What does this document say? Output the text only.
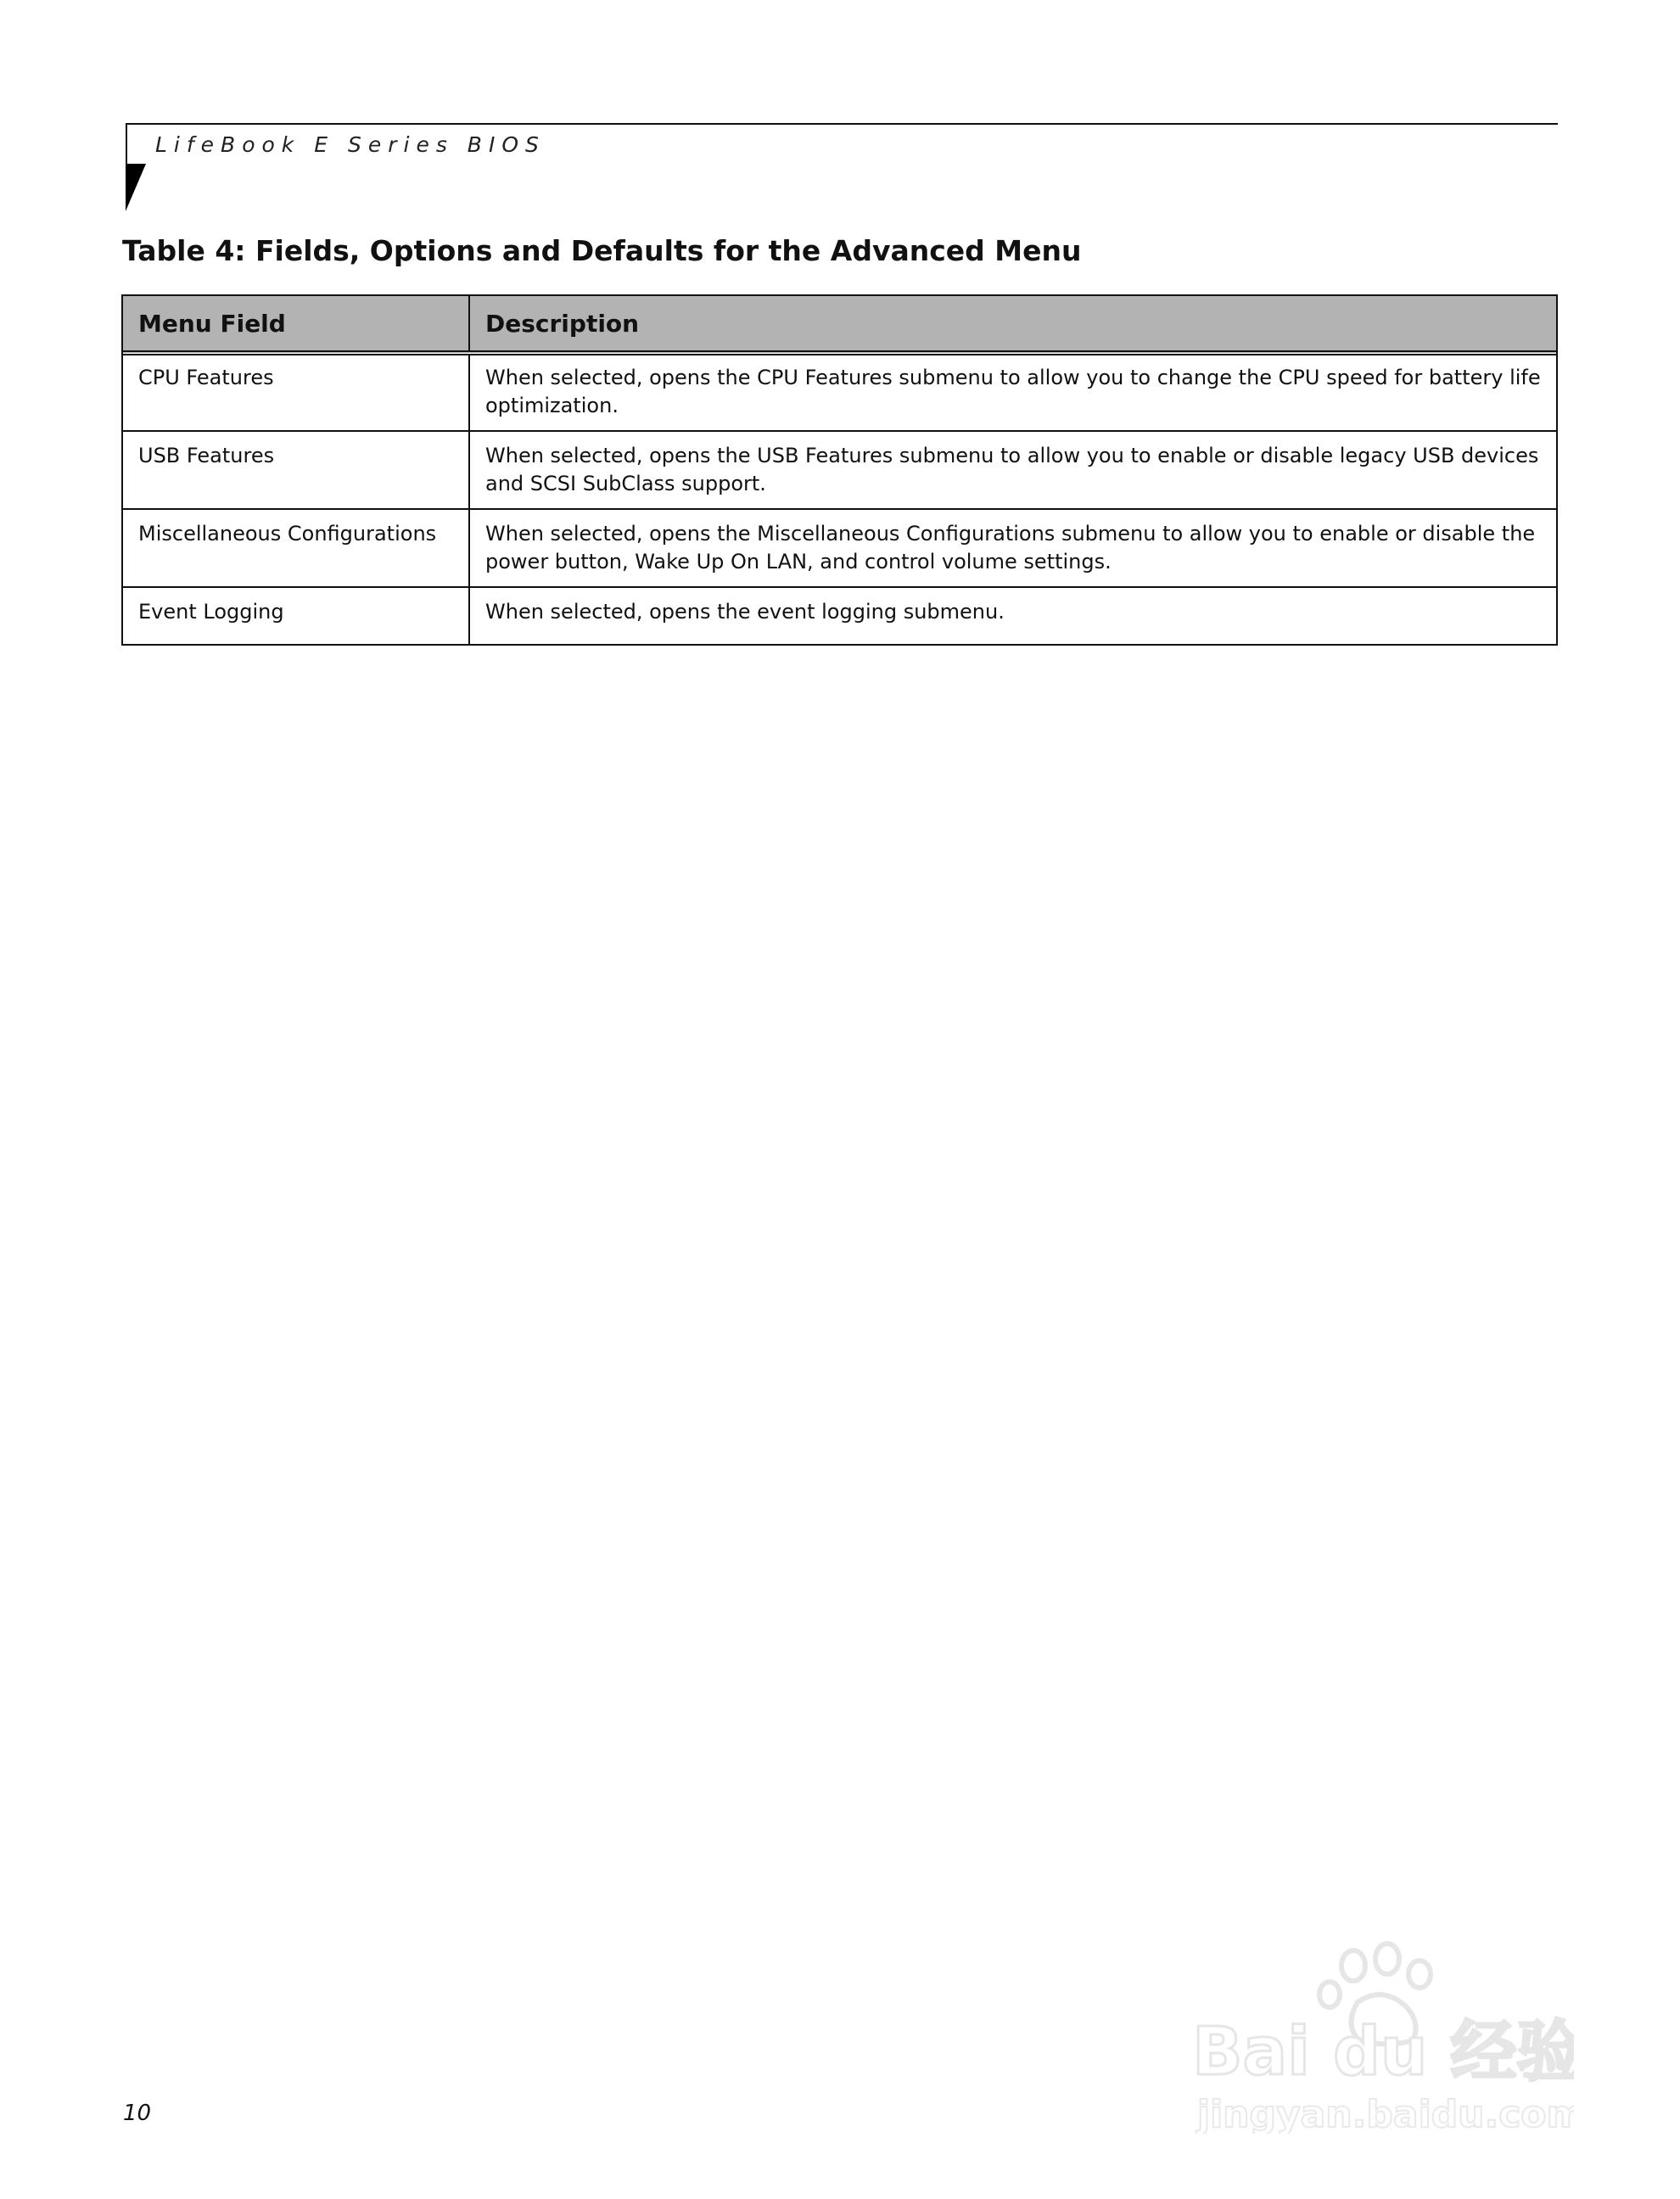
LifeBook E Series BIOS
Table 4: Fields, Options and Defaults for the Advanced Menu
Menu Field	Description
CPU Features	When selected, opens the CPU Features submenu to allow you to change the CPU speed for battery life optimization.
USB Features	When selected, opens the USB Features submenu to allow you to enable or disable legacy USB devices and SCSI SubClass support.
Miscellaneous Configurations	When selected, opens the Miscellaneous Configurations submenu to allow you to enable or disable the power button, Wake Up On LAN, and control volume settings.
Event Logging	When selected, opens the event logging submenu.
10
Bai du 经验
jingyan.baidu.com
